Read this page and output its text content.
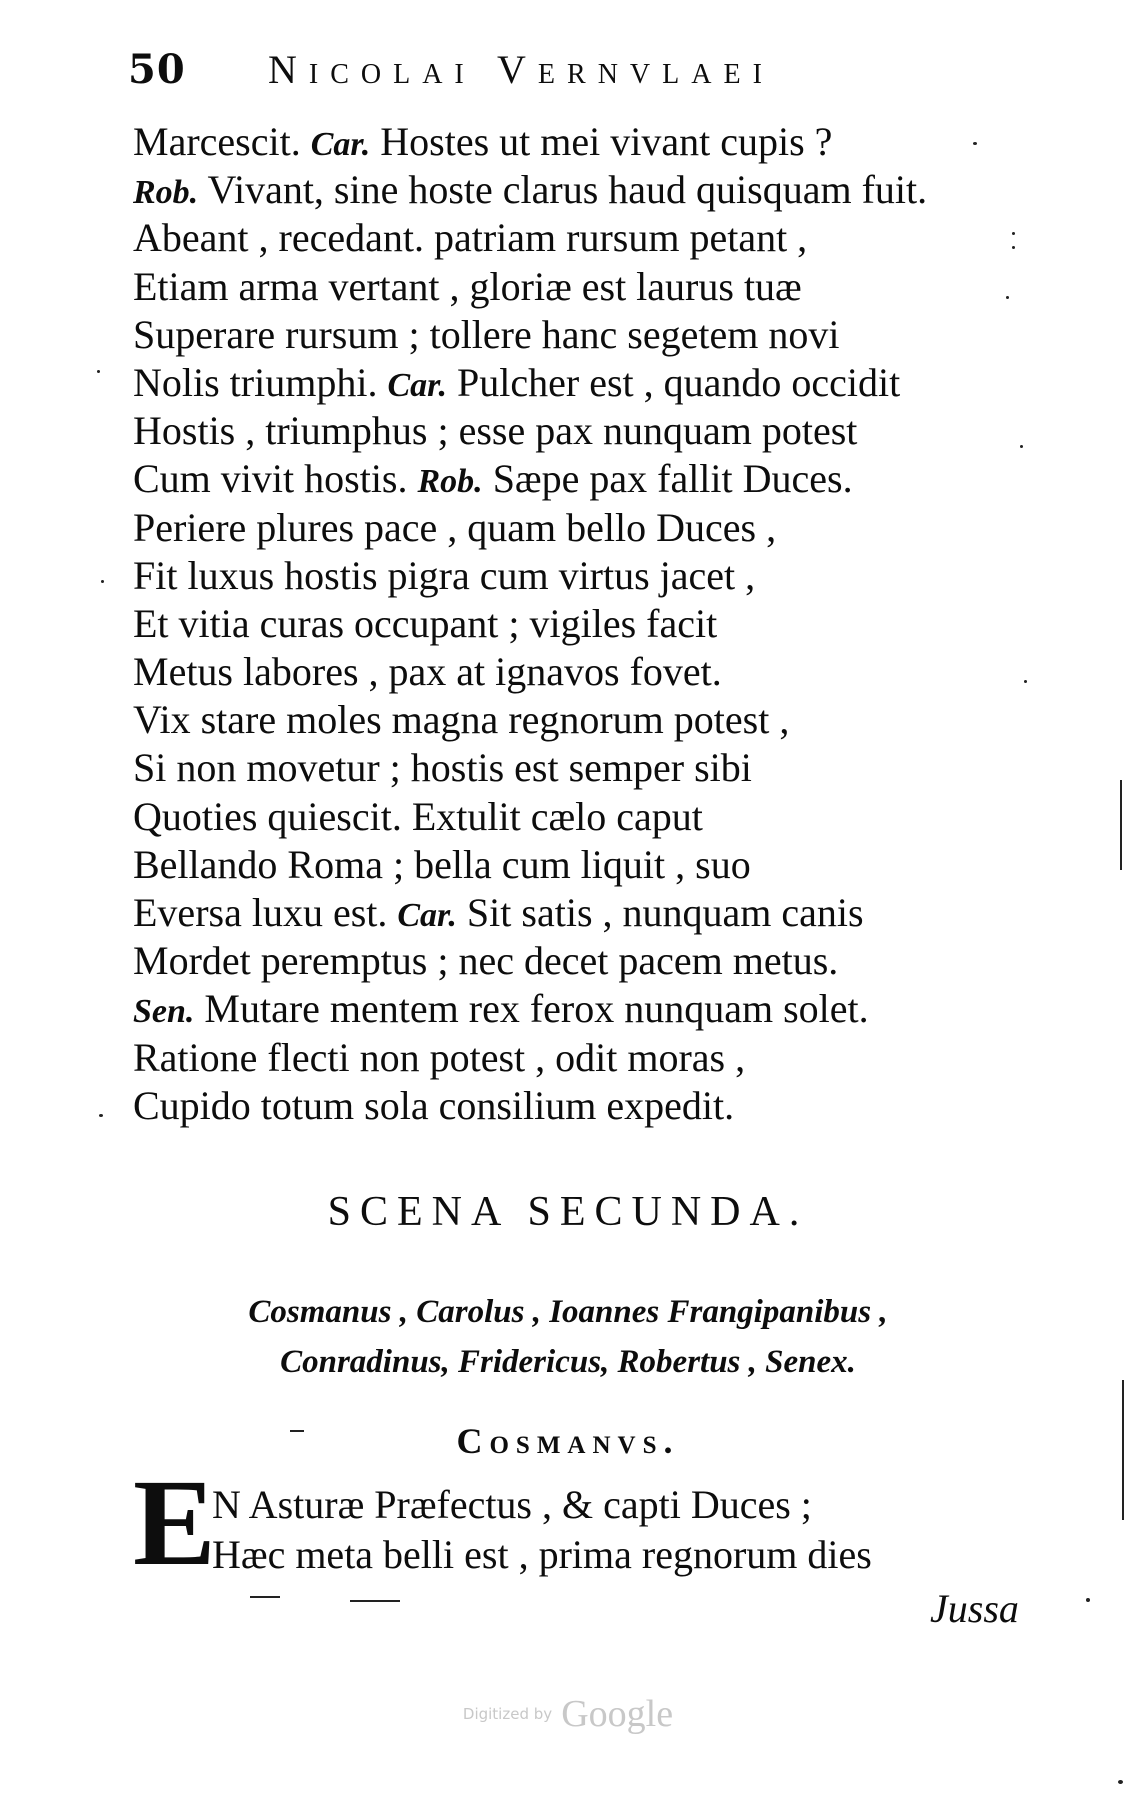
50	Nicolai Vernvlaei
Marcescit. Car. Hostes ut mei vivant cupis ?
Rob. Vivant, sine hoste clarus haud quisquam fuit.
Abeant , recedant. patriam rursum petant ,
Etiam arma vertant , gloriæ est laurus tuæ
Superare rursum ; tollere hanc segetem novi
Nolis triumphi. Car. Pulcher est , quando occidit
Hostis , triumphus ; esse pax nunquam potest
Cum vivit hostis. Rob. Sæpe pax fallit Duces.
Periere plures pace , quam bello Duces ,
Fit luxus hostis pigra cum virtus jacet ,
Et vitia curas occupant ; vigiles facit
Metus labores , pax at ignavos fovet.
Vix stare moles magna regnorum potest ,
Si non movetur ; hostis est semper sibi
Quoties quiescit. Extulit cælo caput
Bellando Roma ; bella cum liquit , suo
Eversa luxu est. Car. Sit satis , nunquam canis
Mordet peremptus ; nec decet pacem metus.
Sen. Mutare mentem rex ferox nunquam solet.
Ratione flecti non potest , odit moras ,
Cupido totum sola consilium expedit.
SCENA SECUNDA.
Cosmanus , Carolus , Ioannes Frangipanibus ,
Conradinus, Fridericus, Robertus , Senex.
Cosmanvs.
E
N Asturæ Præfectus , & capti Duces ;
Hæc meta belli est , prima regnorum dies
Jussa
Digitized by Google
